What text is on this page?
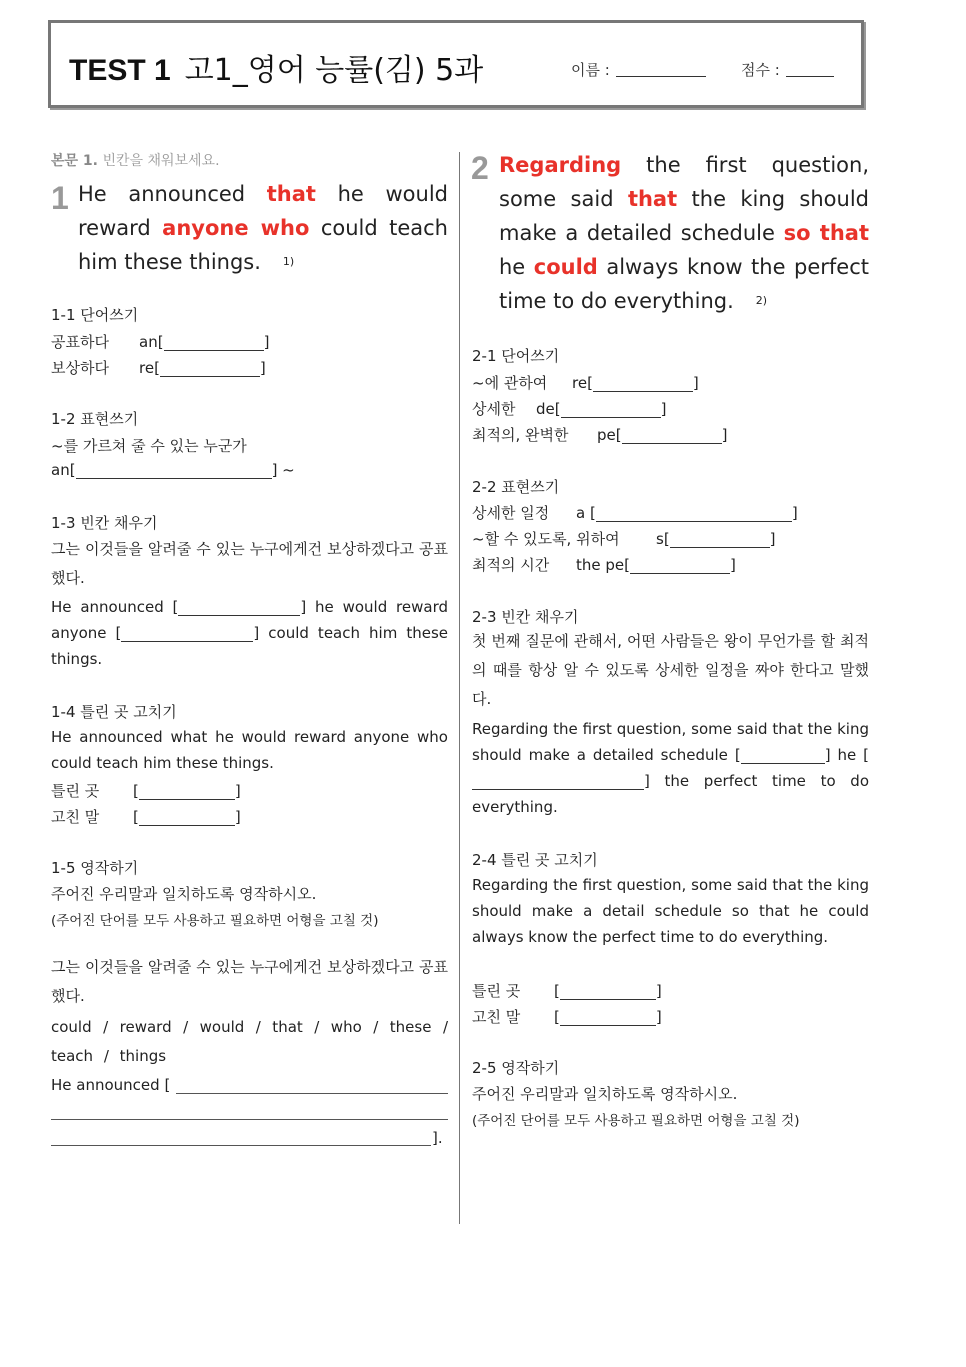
TEST 1 고1_영어 능률(김) 5과	이름 :	점수 :
본문 1. 빈칸을 채워보세요.
1 He announced that he would reward anyone who could teach him these things. 1)
1-1 단어쓰기
공표하다 an[	]
보상하다 re[	]
1-2 표현쓰기
~를 가르쳐 줄 수 있는 누군가
an[	] ~
1-3 빈칸 채우기
그는 이것들을 알려줄 수 있는 누구에게건 보상하겠다고 공표했다.
He announced [	] he would reward anyone [	] could teach him these things.
1-4 틀린 곳 고치기
He announced what he would reward anyone who could teach him these things.
틀린 곳 [	]
고친 말 [	]
1-5 영작하기
주어진 우리말과 일치하도록 영작하시오.
(주어진 단어를 모두 사용하고 필요하면 어형을 고칠 것)
그는 이것들을 알려줄 수 있는 누구에게건 보상하겠다고 공표했다.
could / reward / would / that / who / these / teach / things
He announced [
].
2 Regarding the first question, some said that the king should make a detailed schedule so that he could always know the perfect time to do everything. 2)
2-1 단어쓰기
~에 관하여 re[	]
상세한 de[	]
최적의, 완벽한 pe[	]
2-2 표현쓰기
상세한 일정 a [	]
~할 수 있도록, 위하여 s[	]
최적의 시간 the pe[	]
2-3 빈칸 채우기
첫 번째 질문에 관해서, 어떤 사람들은 왕이 무언가를 할 최적의 때를 항상 알 수 있도록 상세한 일정을 짜야 한다고 말했다.
Regarding the first question, some said that the king should make a detailed schedule [	] he [] the perfect time to do everything.
2-4 틀린 곳 고치기
Regarding the first question, some said that the king should make a detail schedule so that he could always know the perfect time to do everything.
틀린 곳 [	]
고친 말 [	]
2-5 영작하기
주어진 우리말과 일치하도록 영작하시오.
(주어진 단어를 모두 사용하고 필요하면 어형을 고칠 것)
